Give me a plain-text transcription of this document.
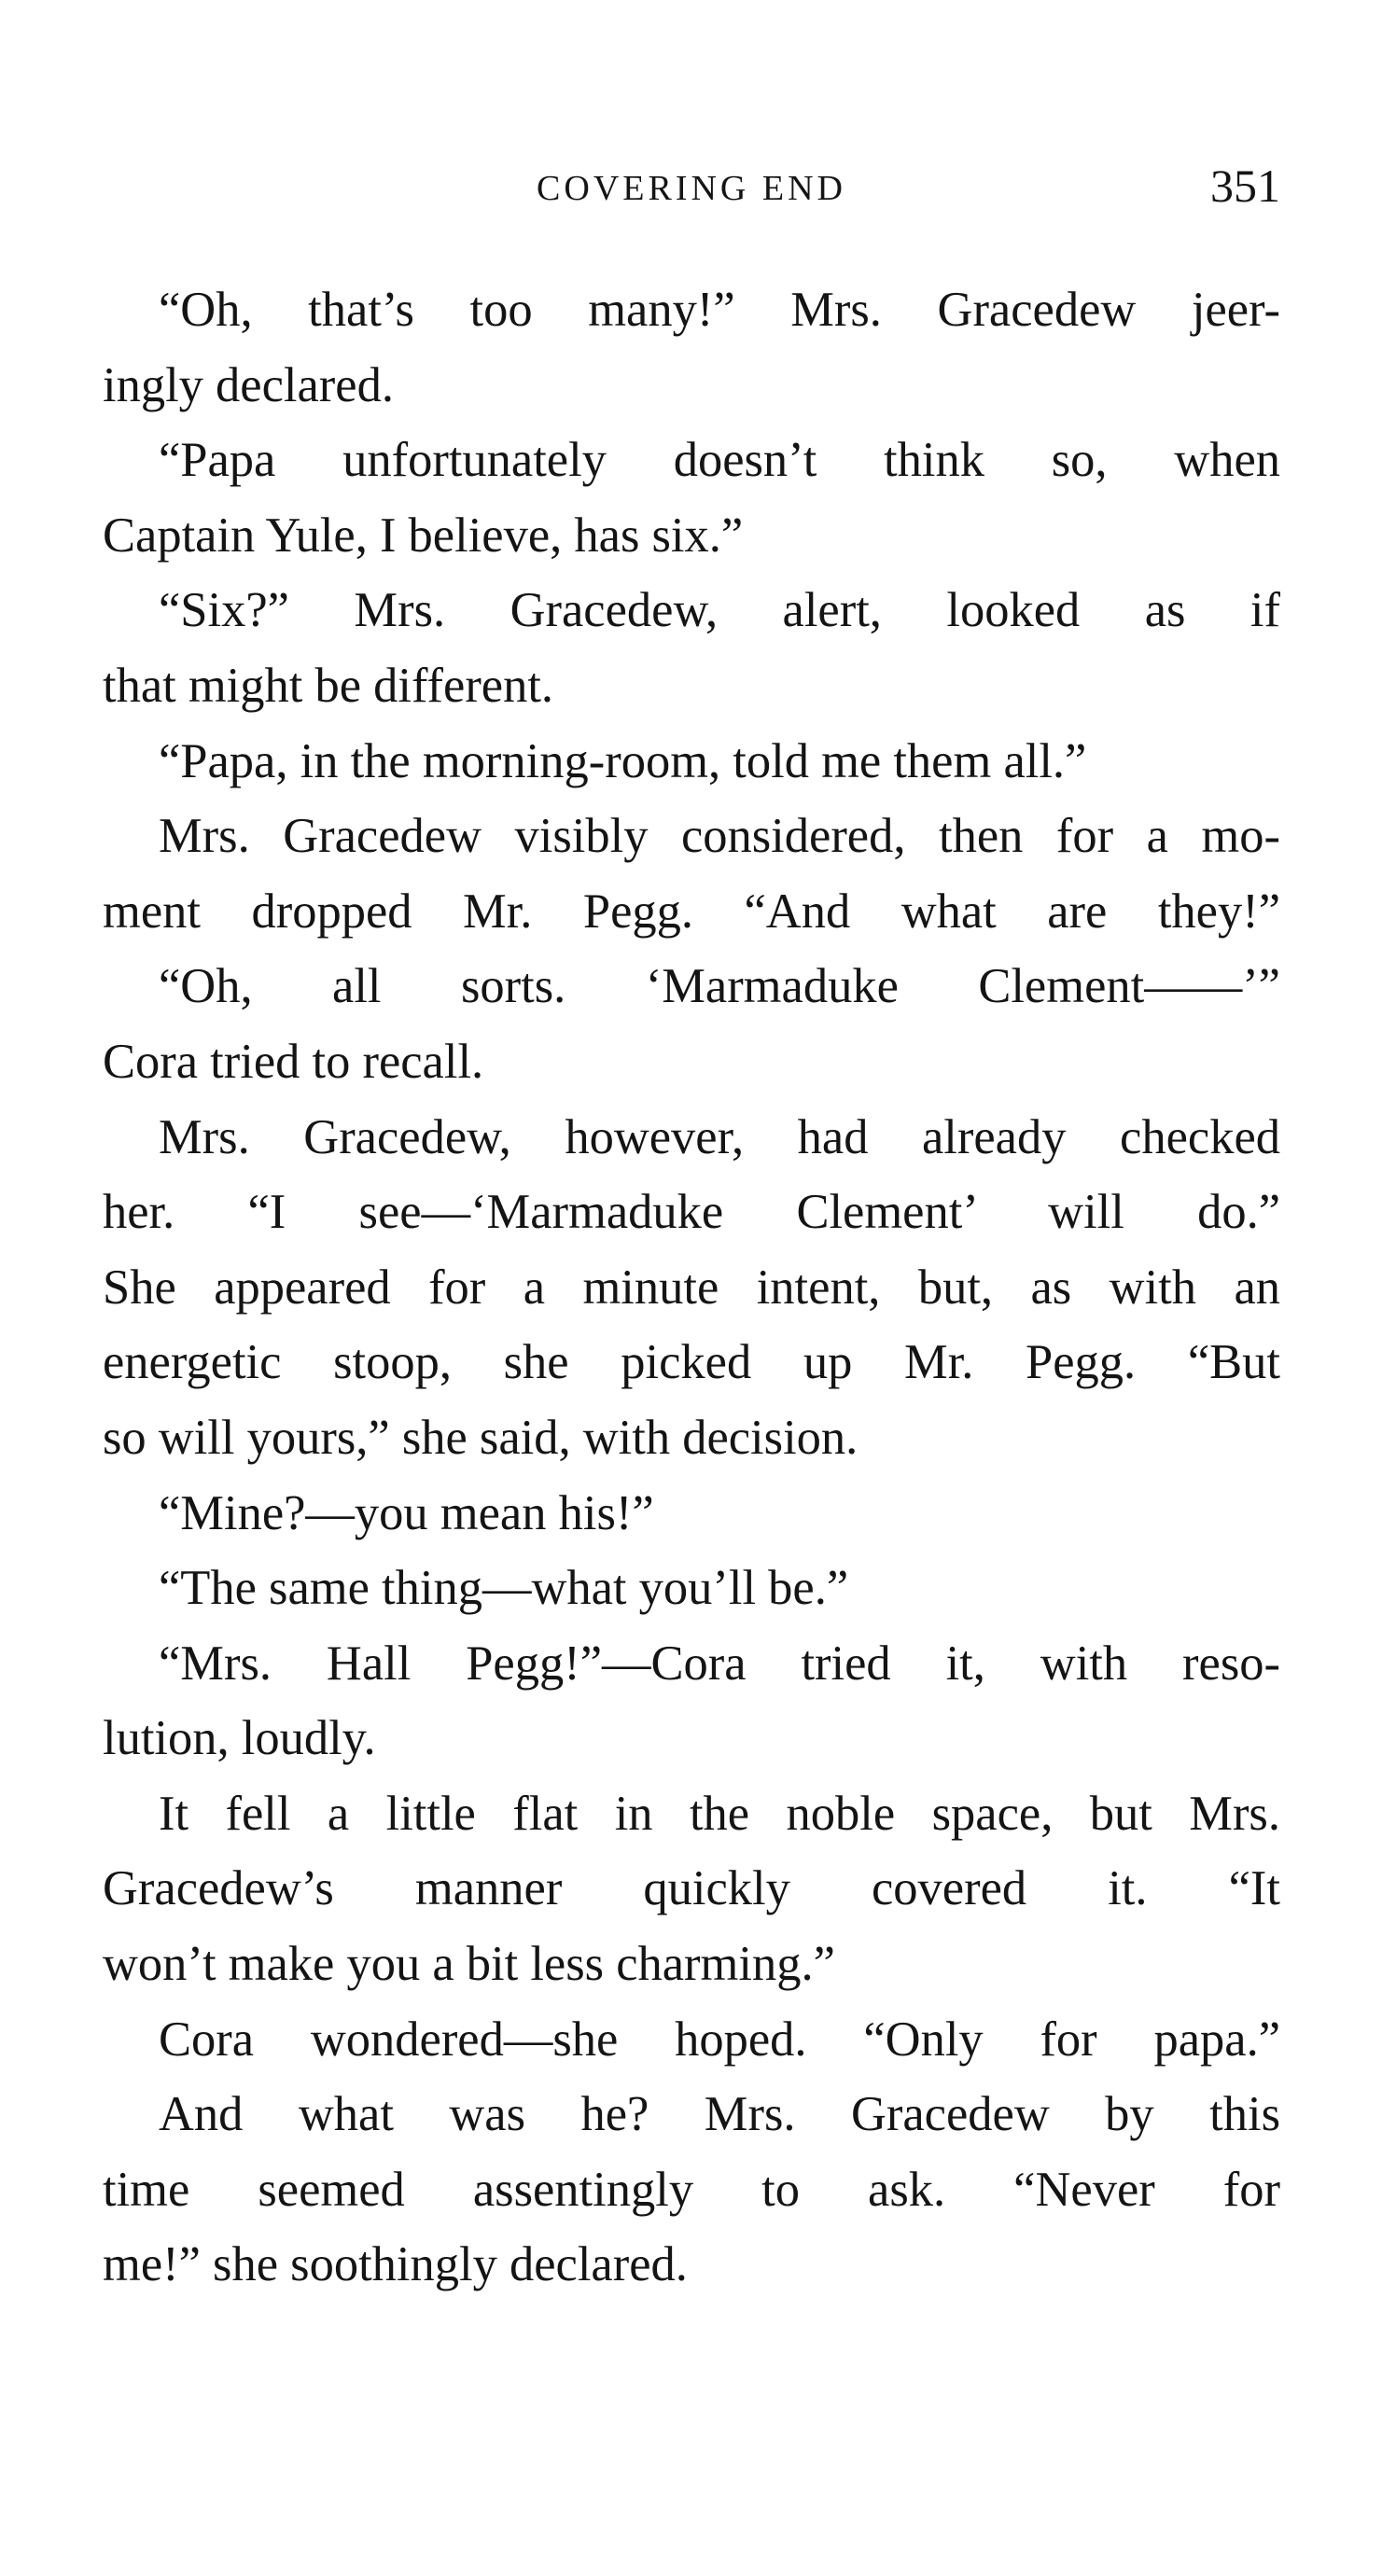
COVERING END	351
“Oh, that’s too many!” Mrs. Gracedew jeer-
ingly declared.
“Papa unfortunately doesn’t think so, when
Captain Yule, I believe, has six.”
“Six?” Mrs. Gracedew, alert, looked as if
that might be different.
“Papa, in the morning-room, told me them all.”
Mrs. Gracedew visibly considered, then for a mo-
ment dropped Mr. Pegg. “And what are they!”
“Oh, all sorts. ‘Marmaduke Clement——’”
Cora tried to recall.
Mrs. Gracedew, however, had already checked
her. “I see—‘Marmaduke Clement’ will do.”
She appeared for a minute intent, but, as with an
energetic stoop, she picked up Mr. Pegg. “But
so will yours,” she said, with decision.
“Mine?—you mean his!”
“The same thing—what you’ll be.”
“Mrs. Hall Pegg!”—Cora tried it, with reso-
lution, loudly.
It fell a little flat in the noble space, but Mrs.
Gracedew’s manner quickly covered it. “It
won’t make you a bit less charming.”
Cora wondered—she hoped. “Only for papa.”
And what was he? Mrs. Gracedew by this
time seemed assentingly to ask. “Never for
me!” she soothingly declared.
